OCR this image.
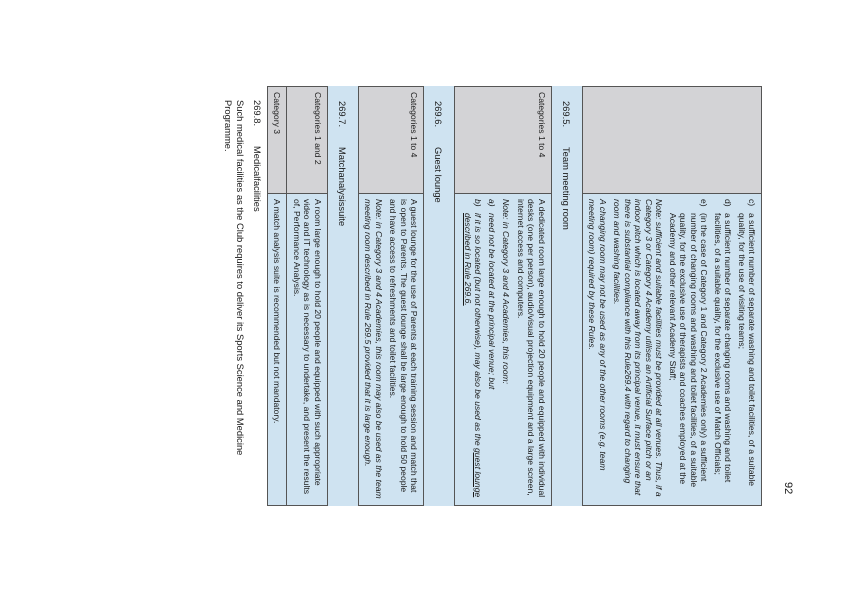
92

c)
a sufficient number of separate washing and toilet facilities, of a suitable quality, for the use of visiting teams;
d)
a sufficient number of separate changing rooms and washing and toilet facilities, of a suitable quality, for the exclusive use of Match Officials;
e)
(in the case of Category 1 and Category 2 Academies only) a sufficient number of changing rooms and washing and toilet facilities, of a suitable quality, for the exclusive use of therapists and coaches employed at the Academy and other relevant Academy Staff;

Note: sufficient and suitable facilities must be provided at all venues. Thus, if a Category 3 or Category 4 Academy utilises an Artificial Surface pitch or an indoor pitch which is located away from its principal venue, it must ensure that there is substantial compliance with this Rule269.4 with regard to changing room and washing facilities.

A changing room may not be used as any of the other rooms (e.g. team meeting room) required by these Rules.

269.5.Team meeting room
Categories 1 to 4	

A dedicated room large enough to hold 20 people and equipped with individual desks (one per person), audio/visual projection equipment and a large screen, internet access and computers.

Note: in Category 3 and 4 Academies, this room:

a)
need not be located at the principal venue; but
b)
if it is so located (but not otherwise), may also be used as the guest lounge described in Rule 269.6.
269.6.Guest lounge
Categories 1 to 4	

A guest lounge for the use of Parents at each training session and match that is open to Parents. The guest lounge shall be large enough to hold 50 people and have access to refreshments and toilet facilities.

Note: in Category 3 and 4 Academies, this room may also be used as the team meeting room described in Rule 269.5 provided that it is large enough.

269.7.Matchanalysissuite
Categories 1 and 2	A room large enough to hold 20 people and equipped with such appropriate video and IT technology as is necessary to undertake, and present the results of, Performance Analysis.
Category 3	A match analysis suite is recommended but not mandatory.
269.8.Medicalfacilities
Such medical facilities as the Club requires to deliver its Sports Science and Medicine Programme.
